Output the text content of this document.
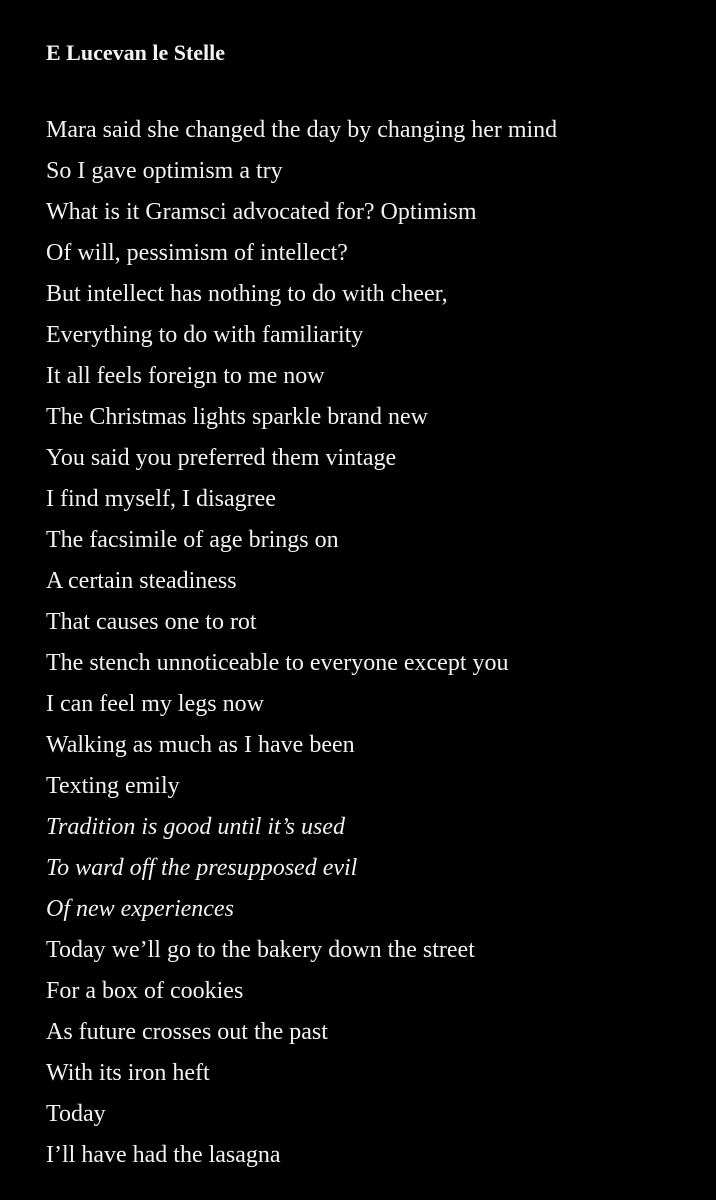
E Lucevan le Stelle
Mara said she changed the day by changing her mind
So I gave optimism a try
What is it Gramsci advocated for? Optimism
Of will, pessimism of intellect?
But intellect has nothing to do with cheer,
Everything to do with familiarity
It all feels foreign to me now
The Christmas lights sparkle brand new
You said you preferred them vintage
I find myself, I disagree
The facsimile of age brings on
A certain steadiness
That causes one to rot
The stench unnoticeable to everyone except you
I can feel my legs now
Walking as much as I have been
Texting emily
Tradition is good until it’s used
To ward off the presupposed evil
Of new experiences
Today we’ll go to the bakery down the street
For a box of cookies
As future crosses out the past
With its iron heft
Today
I’ll have had the lasagna
